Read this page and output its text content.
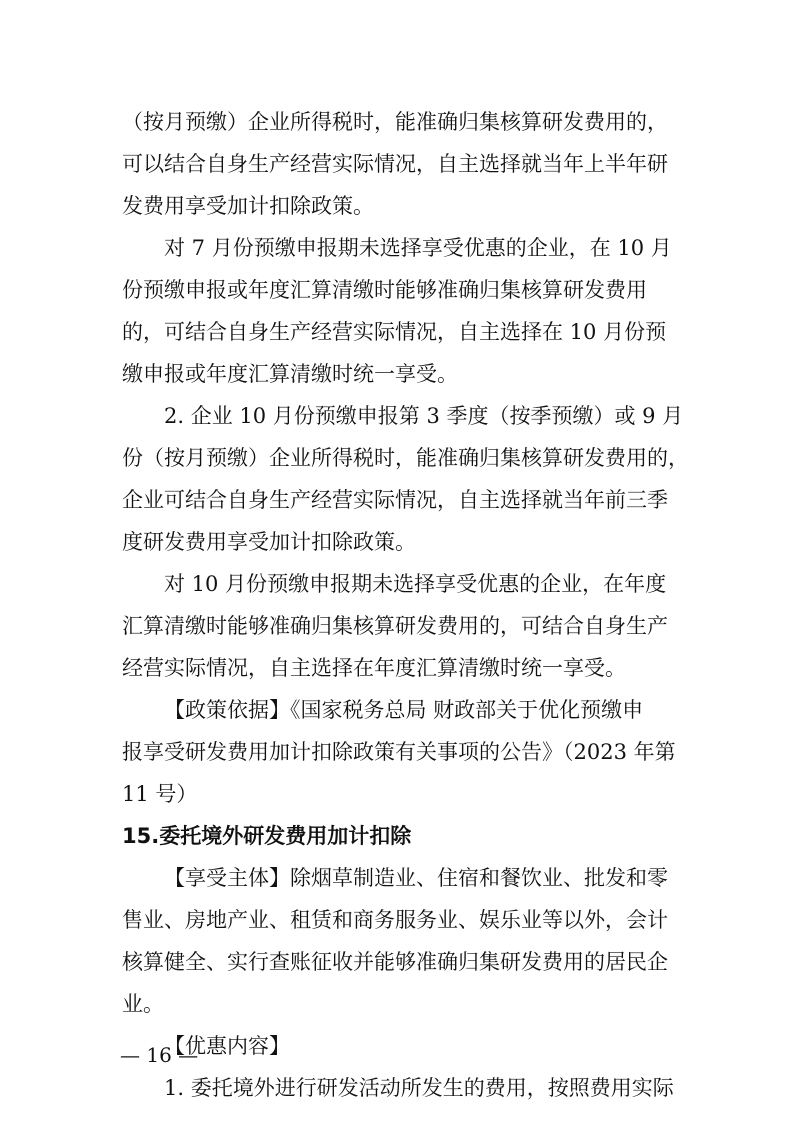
（按月预缴）企业所得税时，能准确归集核算研发费用的，
可以结合自身生产经营实际情况，自主选择就当年上半年研
发费用享受加计扣除政策。
对 7 月份预缴申报期未选择享受优惠的企业，在 10 月
份预缴申报或年度汇算清缴时能够准确归集核算研发费用
的，可结合自身生产经营实际情况，自主选择在 10 月份预
缴申报或年度汇算清缴时统一享受。
2. 企业 10 月份预缴申报第 3 季度（按季预缴）或 9 月
份（按月预缴）企业所得税时，能准确归集核算研发费用的，
企业可结合自身生产经营实际情况，自主选择就当年前三季
度研发费用享受加计扣除政策。
对 10 月份预缴申报期未选择享受优惠的企业，在年度
汇算清缴时能够准确归集核算研发费用的，可结合自身生产
经营实际情况，自主选择在年度汇算清缴时统一享受。
【政策依据】《国家税务总局 财政部关于优化预缴申
报享受研发费用加计扣除政策有关事项的公告》（2023 年第
11 号）
15.委托境外研发费用加计扣除
【享受主体】除烟草制造业、住宿和餐饮业、批发和零
售业、房地产业、租赁和商务服务业、娱乐业等以外，会计
核算健全、实行查账征收并能够准确归集研发费用的居民企
业。
【优惠内容】
1. 委托境外进行研发活动所发生的费用，按照费用实际
— 16 —
